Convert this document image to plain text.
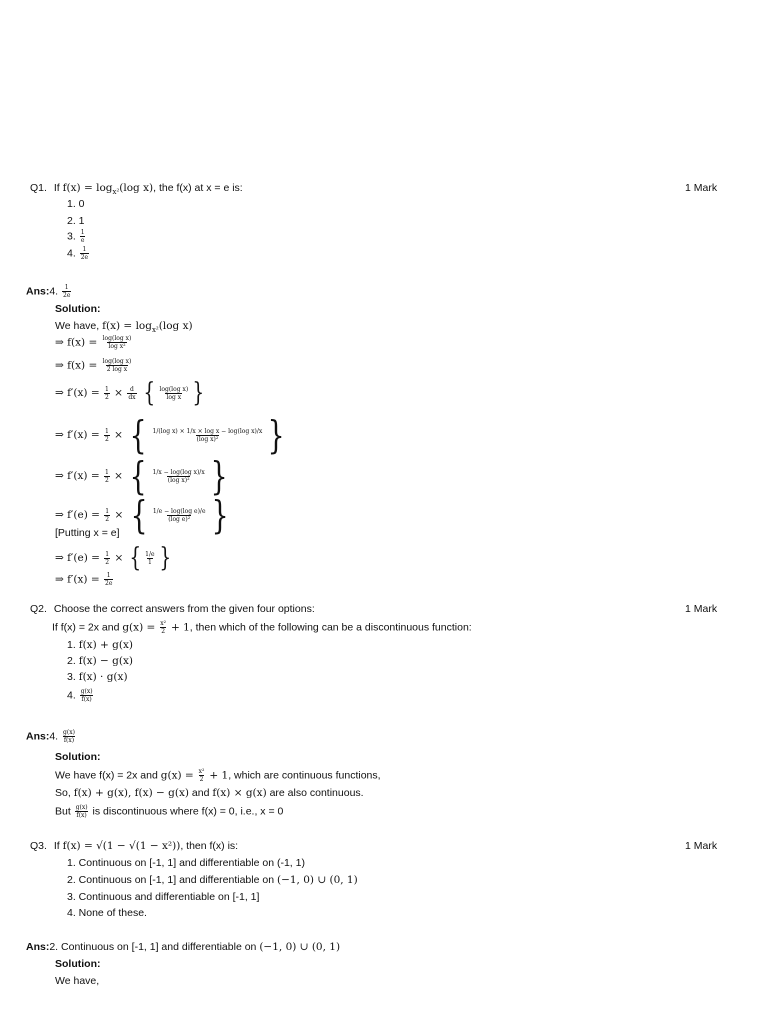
Q1. If $f(x) = \log_{x^2}(\log$ x), the f(x) at x = e is:	1 Mark
1. 0
2. 1
3. $\frac{1}{e}$
4. $\frac{1}{2e}$
Ans:4. $\frac{1}{2e}$
Solution:
We have, $f(x) = \log_{x^2}(\log$ x)
⇒ $f(x) = \frac{\text{log(log x)}}{\text{log x²}}$
⇒ $f(x) = \frac{\text{log(log x)}}{\text{2 log x}}$
⇒ $f'(x) = \frac{1}{2} \times \frac{d}{dx}$ { $\frac{\text{log(log x)}}{\text{log x}}$ }
⇒ $f'(x) = \frac{1}{2}$ × { $\frac{\text{1/(log x) × 1/x × log x − log(log x)/x}}{\text{(log x)²}}$ }
⇒ $f'(x) = \frac{1}{2}$ × { $\frac{\text{1/x − log(log x)/x}}{\text{(log x)²}}$ }
⇒ $f'(e) = \frac{1}{2}$ × { $\frac{\text{1/e − log(log e)/e}}{\text{(log e)²}}$ }
[Putting x = e]
⇒ $f'(e) = \frac{1}{2}$ × { $\frac{1/e}{1}$ }
⇒ $f'(x) = \frac{1}{2e}$
Q2. Choose the correct answers from the given four options:	1 Mark
If f(x) = 2x and $g(x) = \frac{\text{x²}}{2} + 1$, then which of the following can be a discontinuous function:
1. f(x) + g(x)
2. f(x) − g(x)
3. f(x) · g(x)
4. $\frac{g(x)}{f(x)}$
Ans:4. $\frac{g(x)}{f(x)}$
Solution:
We have f(x) = 2x and $g(x) = \frac{\text{x²}}{2} + 1$, which are continuous functions,
So, f(x) + g(x), f(x) − g(x) and f(x) × g(x) are also continuous.
But $\frac{g(x)}{f(x)}$ is discontinuous where f(x) = 0, i.e., x = 0
Q3. If f(x) = √(1 − √(1 − x²)), then f(x) is:	1 Mark
1. Continuous on [-1, 1] and differentiable on (-1, 1)
2. Continuous on [-1, 1] and differentiable on (−1, 0) ∪ (0, 1)
3. Continuous and differentiable on [-1, 1]
4. None of these.
Ans:2. Continuous on [-1, 1] and differentiable on (−1, 0) ∪ (0, 1)
Solution:
We have,
